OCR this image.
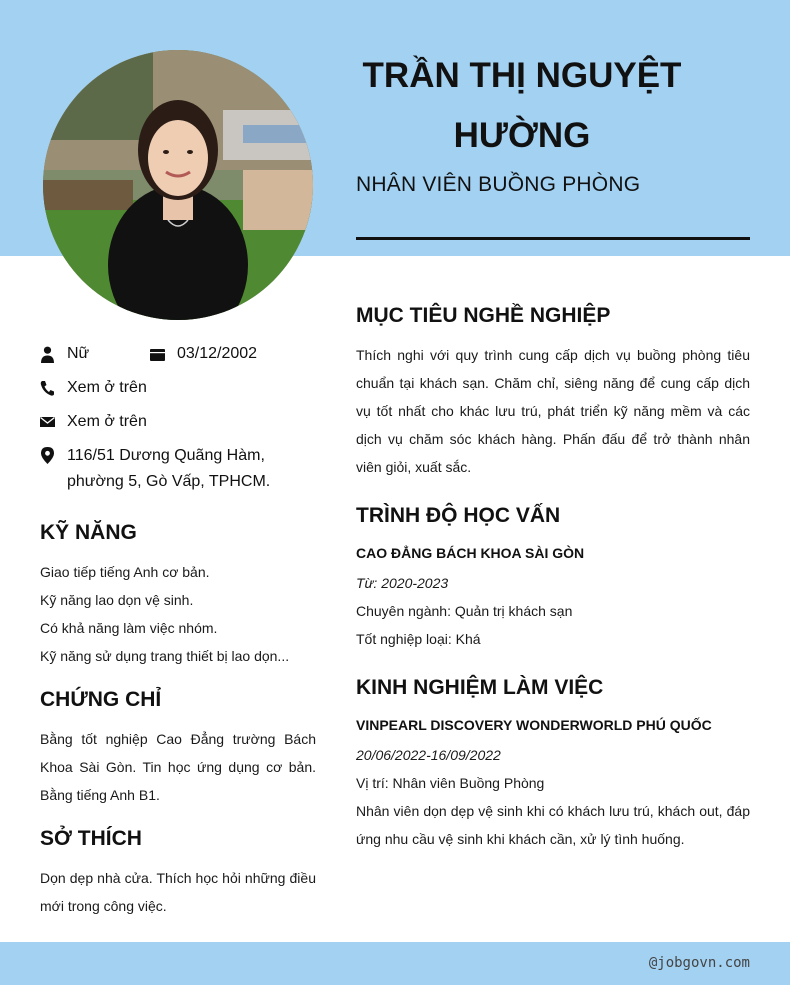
TRẦN THỊ NGUYỆT HƯỜNG
NHÂN VIÊN BUỒNG PHÒNG
Nữ	03/12/2002
Xem ở trên
Xem ở trên
116/51 Dương Quãng Hàm, phường 5, Gò Vấp, TPHCM.
KỸ NĂNG
Giao tiếp tiếng Anh cơ bản.
Kỹ năng lao dọn vệ sinh.
Có khả năng làm việc nhóm.
Kỹ năng sử dụng trang thiết bị lao dọn...
CHỨNG CHỈ
Bằng tốt nghiệp Cao Đẳng trường Bách Khoa Sài Gòn. Tin học ứng dụng cơ bản. Bằng tiếng Anh B1.
SỞ THÍCH
Dọn dẹp nhà cửa. Thích học hỏi những điều mới trong công việc.
MỤC TIÊU NGHỀ NGHIỆP
Thích nghi với quy trình cung cấp dịch vụ buồng phòng tiêu chuẩn tại khách sạn. Chăm chỉ, siêng năng để cung cấp dịch vụ tốt nhất cho khác lưu trú, phát triển kỹ năng mềm và các dịch vụ chăm sóc khách hàng. Phấn đấu để trở thành nhân viên giỏi, xuất sắc.
TRÌNH ĐỘ HỌC VẤN
CAO ĐẲNG BÁCH KHOA SÀI GÒN
Từ: 2020-2023
Chuyên ngành: Quản trị khách sạn
Tốt nghiệp loại: Khá
KINH NGHIỆM LÀM VIỆC
VINPEARL DISCOVERY WONDERWORLD PHÚ QUỐC
20/06/2022-16/09/2022
Vị trí: Nhân viên Buồng Phòng
Nhân viên dọn dẹp vệ sinh khi có khách lưu trú, khách out, đáp ứng nhu cầu vệ sinh khi khách cần, xử lý tình huống.
@jobgovn.com
